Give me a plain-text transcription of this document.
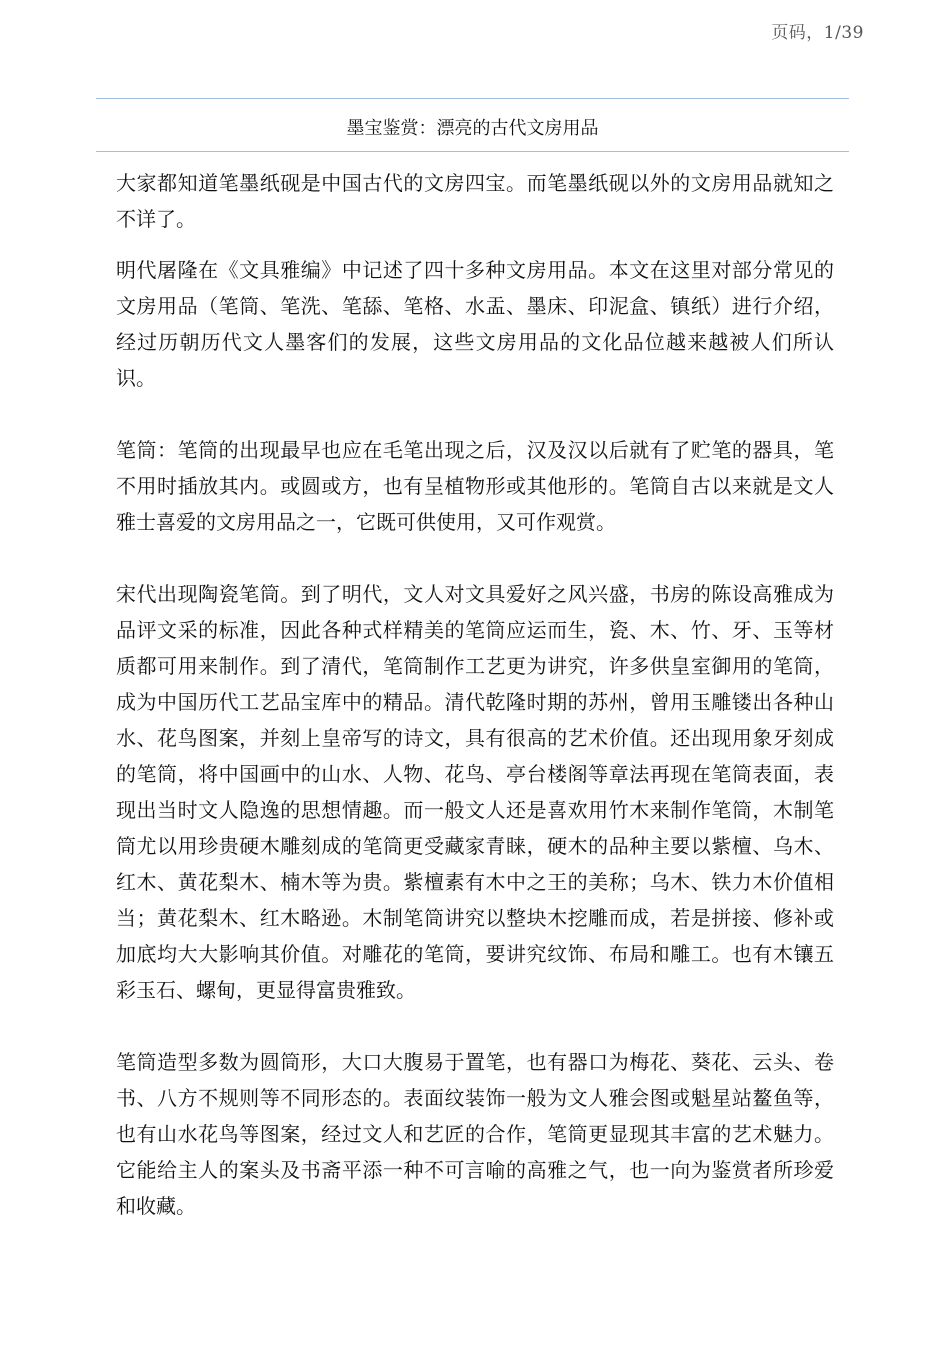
页码，1/39
墨宝鉴赏：漂亮的古代文房用品

大家都知道笔墨纸砚是中国古代的文房四宝。而笔墨纸砚以外的文房用品就知之不详了。

明代屠隆在《文具雅编》中记述了四十多种文房用品。本文在这里对部分常见的文房用品（笔筒、笔洗、笔舔、笔格、水盂、墨床、印泥盒、镇纸）进行介绍，经过历朝历代文人墨客们的发展，这些文房用品的文化品位越来越被人们所认识。

笔筒：笔筒的出现最早也应在毛笔出现之后，汉及汉以后就有了贮笔的器具，笔不用时插放其内。或圆或方，也有呈植物形或其他形的。笔筒自古以来就是文人雅士喜爱的文房用品之一，它既可供使用，又可作观赏。

宋代出现陶瓷笔筒。到了明代，文人对文具爱好之风兴盛，书房的陈设高雅成为品评文采的标准，因此各种式样精美的笔筒应运而生，瓷、木、竹、牙、玉等材质都可用来制作。到了清代，笔筒制作工艺更为讲究，许多供皇室御用的笔筒，成为中国历代工艺品宝库中的精品。清代乾隆时期的苏州，曾用玉雕镂出各种山水、花鸟图案，并刻上皇帝写的诗文，具有很高的艺术价值。还出现用象牙刻成的笔筒，将中国画中的山水、人物、花鸟、亭台楼阁等章法再现在笔筒表面，表现出当时文人隐逸的思想情趣。而一般文人还是喜欢用竹木来制作笔筒，木制笔筒尤以用珍贵硬木雕刻成的笔筒更受藏家青睐，硬木的品种主要以紫檀、乌木、红木、黄花梨木、楠木等为贵。紫檀素有木中之王的美称；乌木、铁力木价值相当；黄花梨木、红木略逊。木制笔筒讲究以整块木挖雕而成，若是拼接、修补或加底均大大影响其价值。对雕花的笔筒，要讲究纹饰、布局和雕工。也有木镶五彩玉石、螺甸，更显得富贵雅致。

笔筒造型多数为圆筒形，大口大腹易于置笔，也有器口为梅花、葵花、云头、卷书、八方不规则等不同形态的。表面纹装饰一般为文人雅会图或魁星站鳌鱼等，也有山水花鸟等图案，经过文人和艺匠的合作，笔筒更显现其丰富的艺术魅力。它能给主人的案头及书斋平添一种不可言喻的高雅之气，也一向为鉴赏者所珍爱和收藏。
